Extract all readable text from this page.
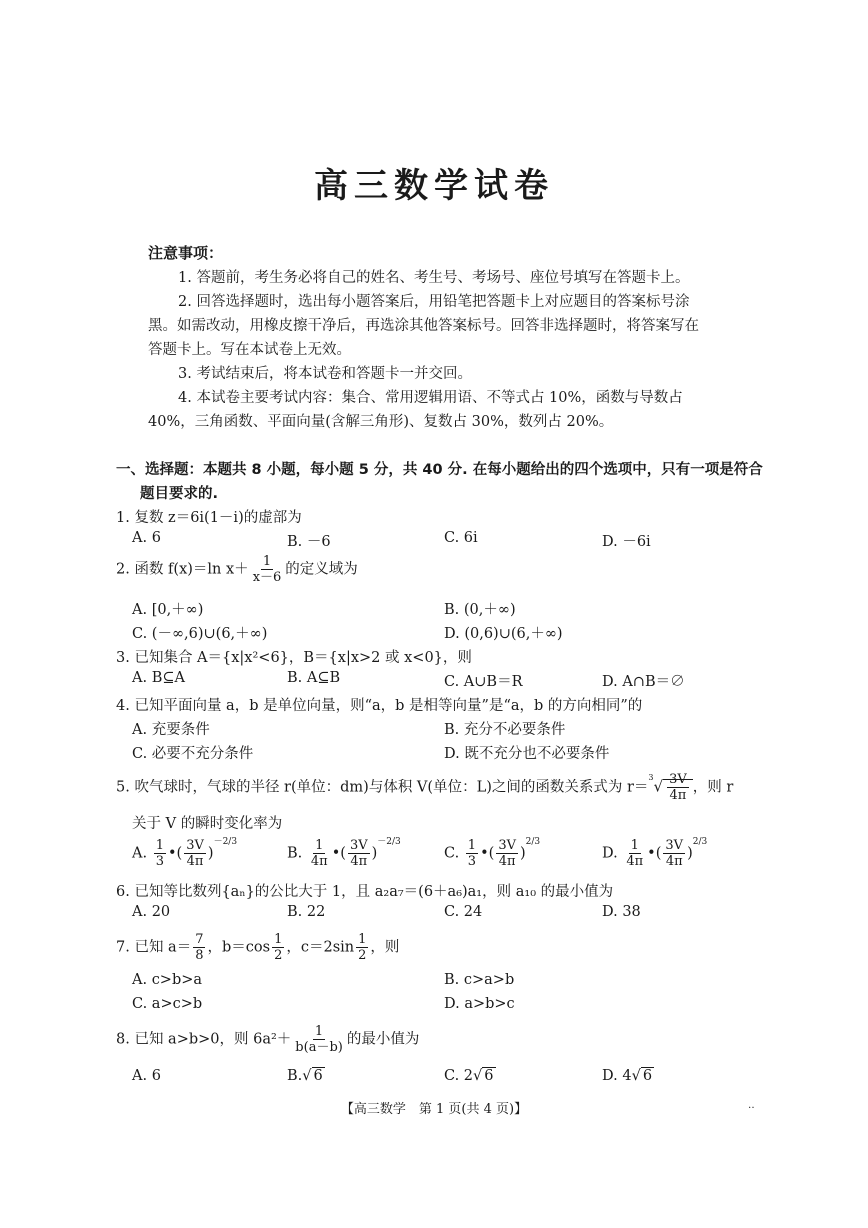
高三数学试卷
注意事项：
1. 答题前，考生务必将自己的姓名、考生号、考场号、座位号填写在答题卡上。
2. 回答选择题时，选出每小题答案后，用铅笔把答题卡上对应题目的答案标号涂
黑。如需改动，用橡皮擦干净后，再选涂其他答案标号。回答非选择题时，将答案写在
答题卡上。写在本试卷上无效。
3. 考试结束后，将本试卷和答题卡一并交回。
4. 本试卷主要考试内容：集合、常用逻辑用语、不等式占 10%，函数与导数占
40%，三角函数、平面向量(含解三角形)、复数占 30%，数列占 20%。
一、选择题：本题共 8 小题，每小题 5 分，共 40 分. 在每小题给出的四个选项中，只有一项是符合
题目要求的.
1. 复数 z＝6i(1－i)的虚部为
A. 6	B. －6	C. 6i	D. －6i
2. 函数 f(x)＝ln $x+ \frac{1}{x-6}$ 的定义域为
A. [0,＋∞)	B. (0,＋∞)
C. (－∞,6)∪(6,＋∞)	D. (0,6)∪(6,＋∞)
3. 已知集合 A＝{x|x²<6}，B＝{x|x>2 或 x<0}，则
A. B⊆A	B. A⊆B	C. A∪B＝R	D. A∩B＝∅
4. 已知平面向量 a，b 是单位向量，则“a，b 是相等向量”是“a，b 的方向相同”的
A. 充要条件	B. 充分不必要条件
C. 必要不充分条件	D. 既不充分也不必要条件
5. 吹气球时，气球的半径 r(单位：dm)与体积 V(单位：L)之间的函数关系式为 $r=^3√ \frac{3V}{4\pi}$ ，则 r
关于 V 的瞬时变化率为
A. $\frac{1}{3}$ •( $\frac{3V}{4\pi} )^{-2/3}$
B. $\frac{1}{4\pi}$ •( $\frac{3V}{4\pi} )^{-2/3}$
C. $\frac{1}{3}$ •( $\frac{3V}{4\pi} )^{2/3}$
D. $\frac{1}{4\pi}$ •( $\frac{3V}{4\pi} )^{2/3}$
6. 已知等比数列{aₙ}的公比大于 1，且 a₂a₇＝(6＋a₆)a₁，则 a₁₀ 的最小值为
A. 20	B. 22	C. 24	D. 38
7. 已知 $a= \frac{7}{8}$ ，$b=\cos \frac{1}{2}$ ，$c=2\sin \frac{1}{2}$ ，则
A. c>b>a	B. c>a>b
C. a>c>b	D. a>b>c
8. 已知 a>b>0，则 $6a^2+ \frac{1}{b(a-b)}$ 的最小值为
A. 6	B.√ 6	C. 2√ 6	D. 4√ 6
【高三数学　第 1 页(共 4 页)】	‥
